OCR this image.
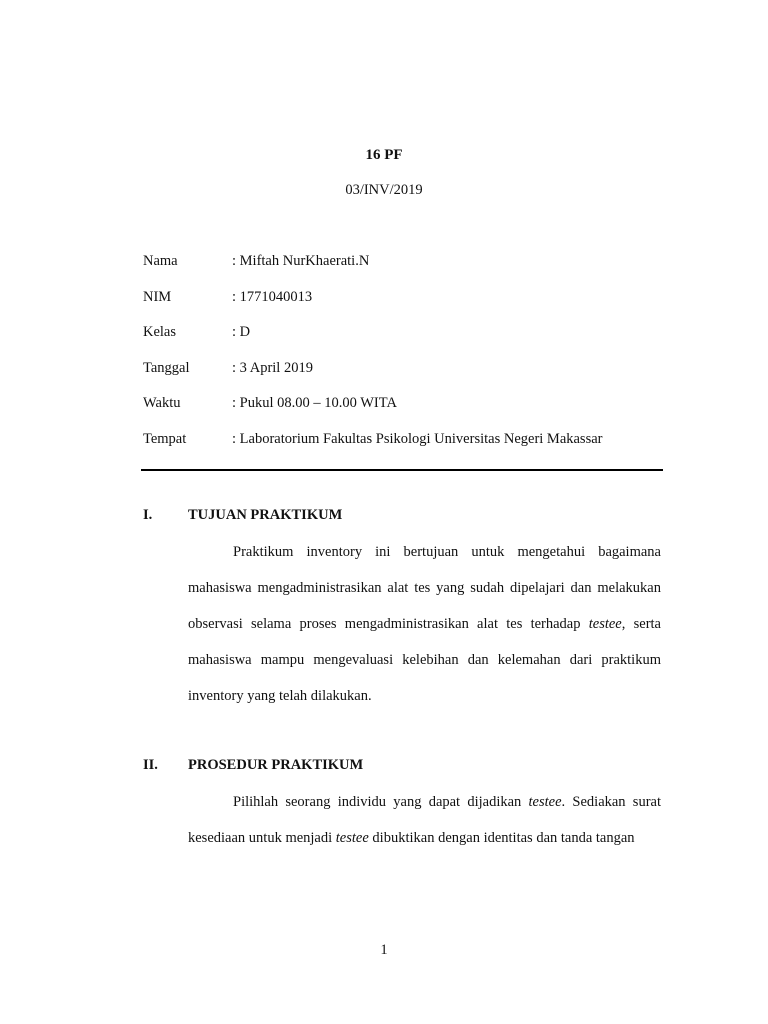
16 PF
03/INV/2019
Nama	: Miftah NurKhaerati.N
NIM	: 1771040013
Kelas	: D
Tanggal	: 3 April 2019
Waktu	: Pukul 08.00 – 10.00 WITA
Tempat	: Laboratorium Fakultas Psikologi Universitas Negeri Makassar
I.	TUJUAN PRAKTIKUM
Praktikum inventory ini bertujuan untuk mengetahui bagaimana mahasiswa mengadministrasikan alat tes yang sudah dipelajari dan melakukan observasi selama proses mengadministrasikan alat tes terhadap testee, serta mahasiswa mampu mengevaluasi kelebihan dan kelemahan dari praktikum inventory yang telah dilakukan.
II.	PROSEDUR PRAKTIKUM
Pilihlah seorang individu yang dapat dijadikan testee. Sediakan surat kesediaan untuk menjadi testee dibuktikan dengan identitas dan tanda tangan
1
